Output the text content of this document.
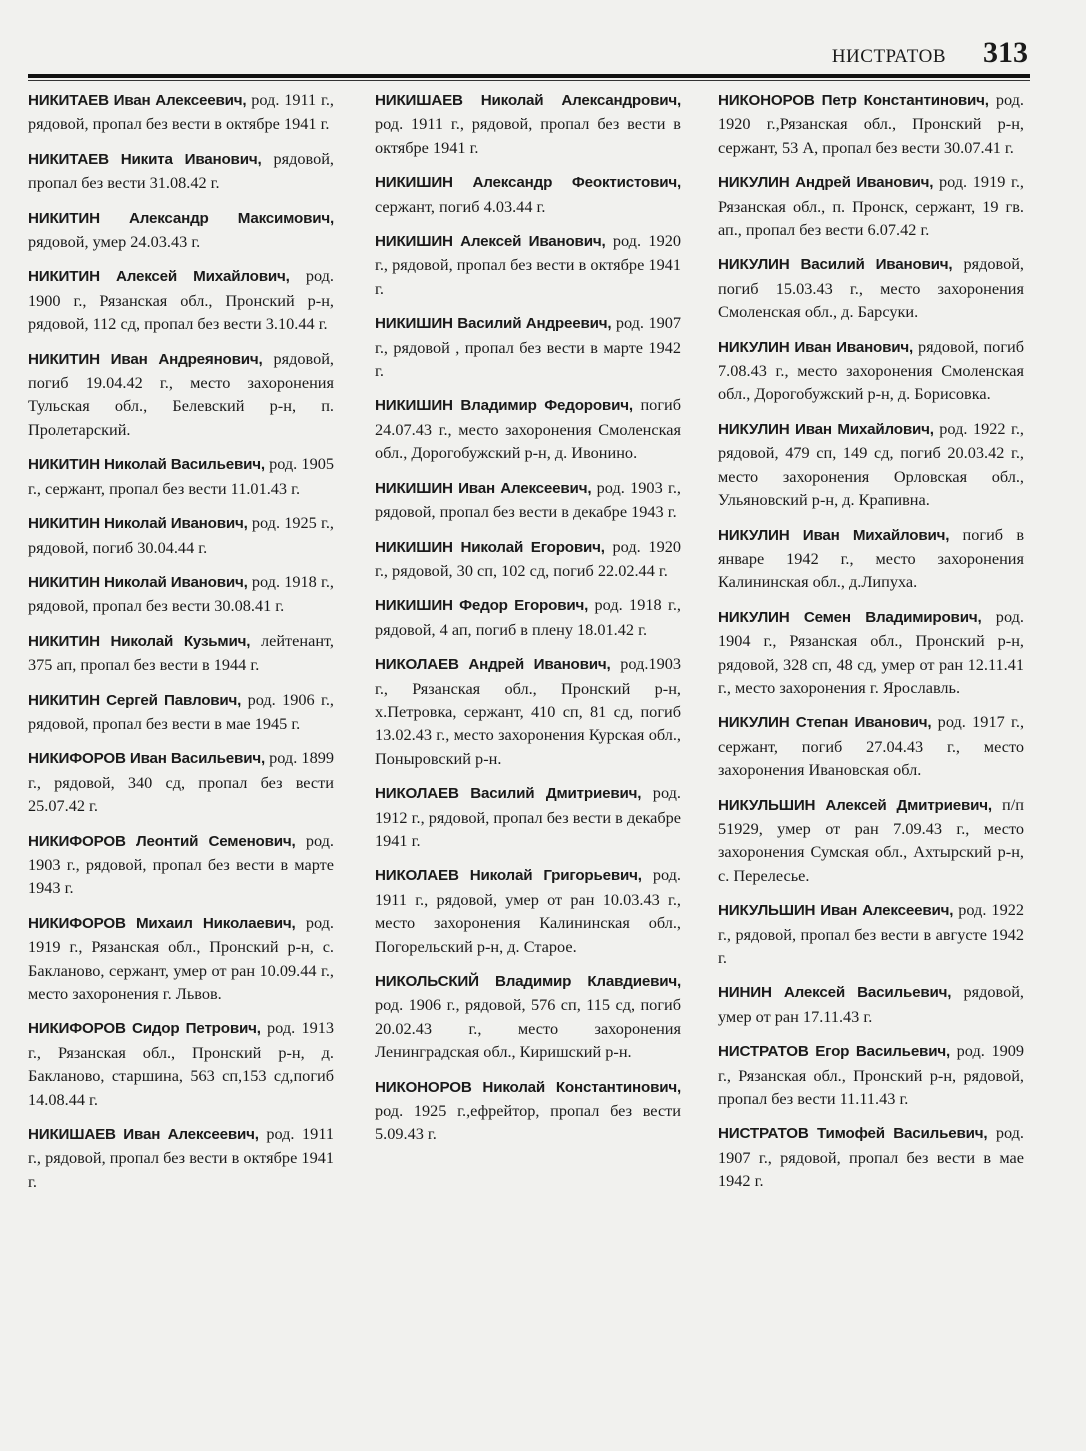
НИСТРАТОВ 313
НИКИТАЕВ Иван Алексеевич, род. 1911 г., рядовой, пропал без вести в октябре 1941 г.
НИКИТАЕВ Никита Иванович, рядовой, пропал без вести 31.08.42 г.
НИКИТИН Александр Максимович, рядовой, умер 24.03.43 г.
НИКИТИН Алексей Михайлович, род. 1900 г., Рязанская обл., Пронский р-н, рядовой, 112 сд, пропал без вести 3.10.44 г.
НИКИТИН Иван Андреянович, рядовой, погиб 19.04.42 г., место захоронения Тульская обл., Белевский р-н, п. Пролетарский.
НИКИТИН Николай Васильевич, род. 1905 г., сержант, пропал без вести 11.01.43 г.
НИКИТИН Николай Иванович, род. 1925 г., рядовой, погиб 30.04.44 г.
НИКИТИН Николай Иванович, род. 1918 г., рядовой, пропал без вести 30.08.41 г.
НИКИТИН Николай Кузьмич, лейтенант, 375 ап, пропал без вести в 1944 г.
НИКИТИН Сергей Павлович, род. 1906 г., рядовой, пропал без вести в мае 1945 г.
НИКИФОРОВ Иван Васильевич, род. 1899 г., рядовой, 340 сд, пропал без вести 25.07.42 г.
НИКИФОРОВ Леонтий Семенович, род. 1903 г., рядовой, пропал без вести в марте 1943 г.
НИКИФОРОВ Михаил Николаевич, род. 1919 г., Рязанская обл., Пронский р-н, с. Бакланово, сержант, умер от ран 10.09.44 г., место захоронения г. Львов.
НИКИФОРОВ Сидор Петрович, род. 1913 г., Рязанская обл., Пронский р-н, д. Бакланово, старшина, 563 сп,153 сд,погиб 14.08.44 г.
НИКИШАЕВ Иван Алексеевич, род. 1911 г., рядовой, пропал без вести в октябре 1941 г.
НИКИШАЕВ Николай Александрович, род. 1911 г., рядовой, пропал без вести в октябре 1941 г.
НИКИШИН Александр Феоктистович, сержант, погиб 4.03.44 г.
НИКИШИН Алексей Иванович, род. 1920 г., рядовой, пропал без вести в октябре 1941 г.
НИКИШИН Василий Андреевич, род. 1907 г., рядовой , пропал без вести в марте 1942 г.
НИКИШИН Владимир Федорович, погиб 24.07.43 г., место захоронения Смоленская обл., Дорогобужский р-н, д. Ивонино.
НИКИШИН Иван Алексеевич, род. 1903 г., рядовой, пропал без вести в декабре 1943 г.
НИКИШИН Николай Егорович, род. 1920 г., рядовой, 30 сп, 102 сд, погиб 22.02.44 г.
НИКИШИН Федор Егорович, род. 1918 г., рядовой, 4 ап, погиб в плену 18.01.42 г.
НИКОЛАЕВ Андрей Иванович, род.1903 г., Рязанская обл., Пронский р-н, х.Петровка, сержант, 410 сп, 81 сд, погиб 13.02.43 г., место захоронения Курская обл., Поныровский р-н.
НИКОЛАЕВ Василий Дмитриевич, род. 1912 г., рядовой, пропал без вести в декабре 1941 г.
НИКОЛАЕВ Николай Григорьевич, род. 1911 г., рядовой, умер от ран 10.03.43 г., место захоронения Калининская обл., Погорельский р-н, д. Старое.
НИКОЛЬСКИЙ Владимир Клавдиевич, род. 1906 г., рядовой, 576 сп, 115 сд, погиб 20.02.43 г., место захоронения Ленинградская обл., Киришский р-н.
НИКОНОРОВ Николай Константинович, род. 1925 г.,ефрейтор, пропал без вести 5.09.43 г.
НИКОНОРОВ Петр Константинович, род. 1920 г.,Рязанская обл., Пронский р-н, сержант, 53 А, пропал без вести 30.07.41 г.
НИКУЛИН Андрей Иванович, род. 1919 г., Рязанская обл., п. Пронск, сержант, 19 гв. ап., пропал без вести 6.07.42 г.
НИКУЛИН Василий Иванович, рядовой, погиб 15.03.43 г., место захоронения Смоленская обл., д. Барсуки.
НИКУЛИН Иван Иванович, рядовой, погиб 7.08.43 г., место захоронения Смоленская обл., Дорогобужский р-н, д. Борисовка.
НИКУЛИН Иван Михайлович, род. 1922 г., рядовой, 479 сп, 149 сд, погиб 20.03.42 г., место захоронения Орловская обл., Ульяновский р-н, д. Крапивна.
НИКУЛИН Иван Михайлович, погиб в январе 1942 г., место захоронения Калининская обл., д.Липуха.
НИКУЛИН Семен Владимирович, род. 1904 г., Рязанская обл., Пронский р-н, рядовой, 328 сп, 48 сд, умер от ран 12.11.41 г., место захоронения г. Ярославль.
НИКУЛИН Степан Иванович, род. 1917 г., сержант, погиб 27.04.43 г., место захоронения Ивановская обл.
НИКУЛЬШИН Алексей Дмитриевич, п/п 51929, умер от ран 7.09.43 г., место захоронения Сумская обл., Ахтырский р-н, с. Перелесье.
НИКУЛЬШИН Иван Алексеевич, род. 1922 г., рядовой, пропал без вести в августе 1942 г.
НИНИН Алексей Васильевич, рядовой, умер от ран 17.11.43 г.
НИСТРАТОВ Егор Васильевич, род. 1909 г., Рязанская обл., Пронский р-н, рядовой, пропал без вести 11.11.43 г.
НИСТРАТОВ Тимофей Васильевич, род. 1907 г., рядовой, пропал без вести в мае 1942 г.
